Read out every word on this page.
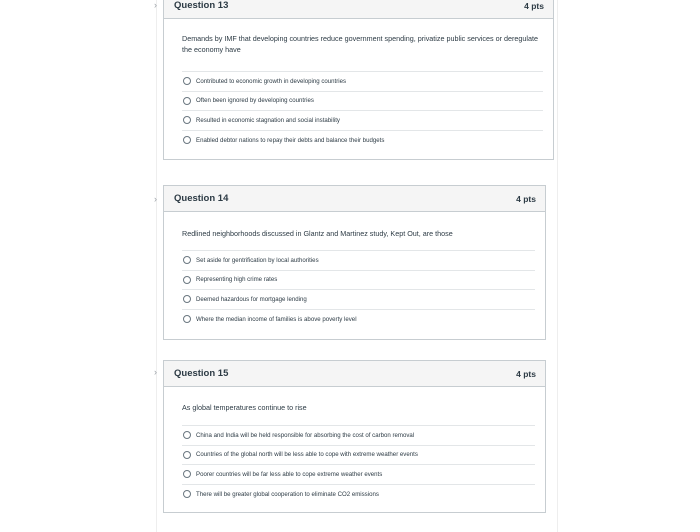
› Question 13	4 pts

Demands by IMF that developing countries reduce government spending, privatize public services or deregulate the economy have

Contributed to economic growth in developing countries
Often been ignored by developing countries
Resulted in economic stagnation and social instability
Enabled debtor nations to repay their debts and balance their budgets
› Question 14	4 pts

Redlined neighborhoods discussed in Glantz and Martinez study, Kept Out, are those

Set aside for gentrification by local authorities
Representing high crime rates
Deemed hazardous for mortgage lending
Where the median income of families is above poverty level
› Question 15	4 pts

As global temperatures continue to rise

China and India will be held responsible for absorbing the cost of carbon removal
Countries of the global north will be less able to cope with extreme weather events
Poorer countries will be far less able to cope extreme weather events
There will be greater global cooperation to eliminate CO2 emissions
